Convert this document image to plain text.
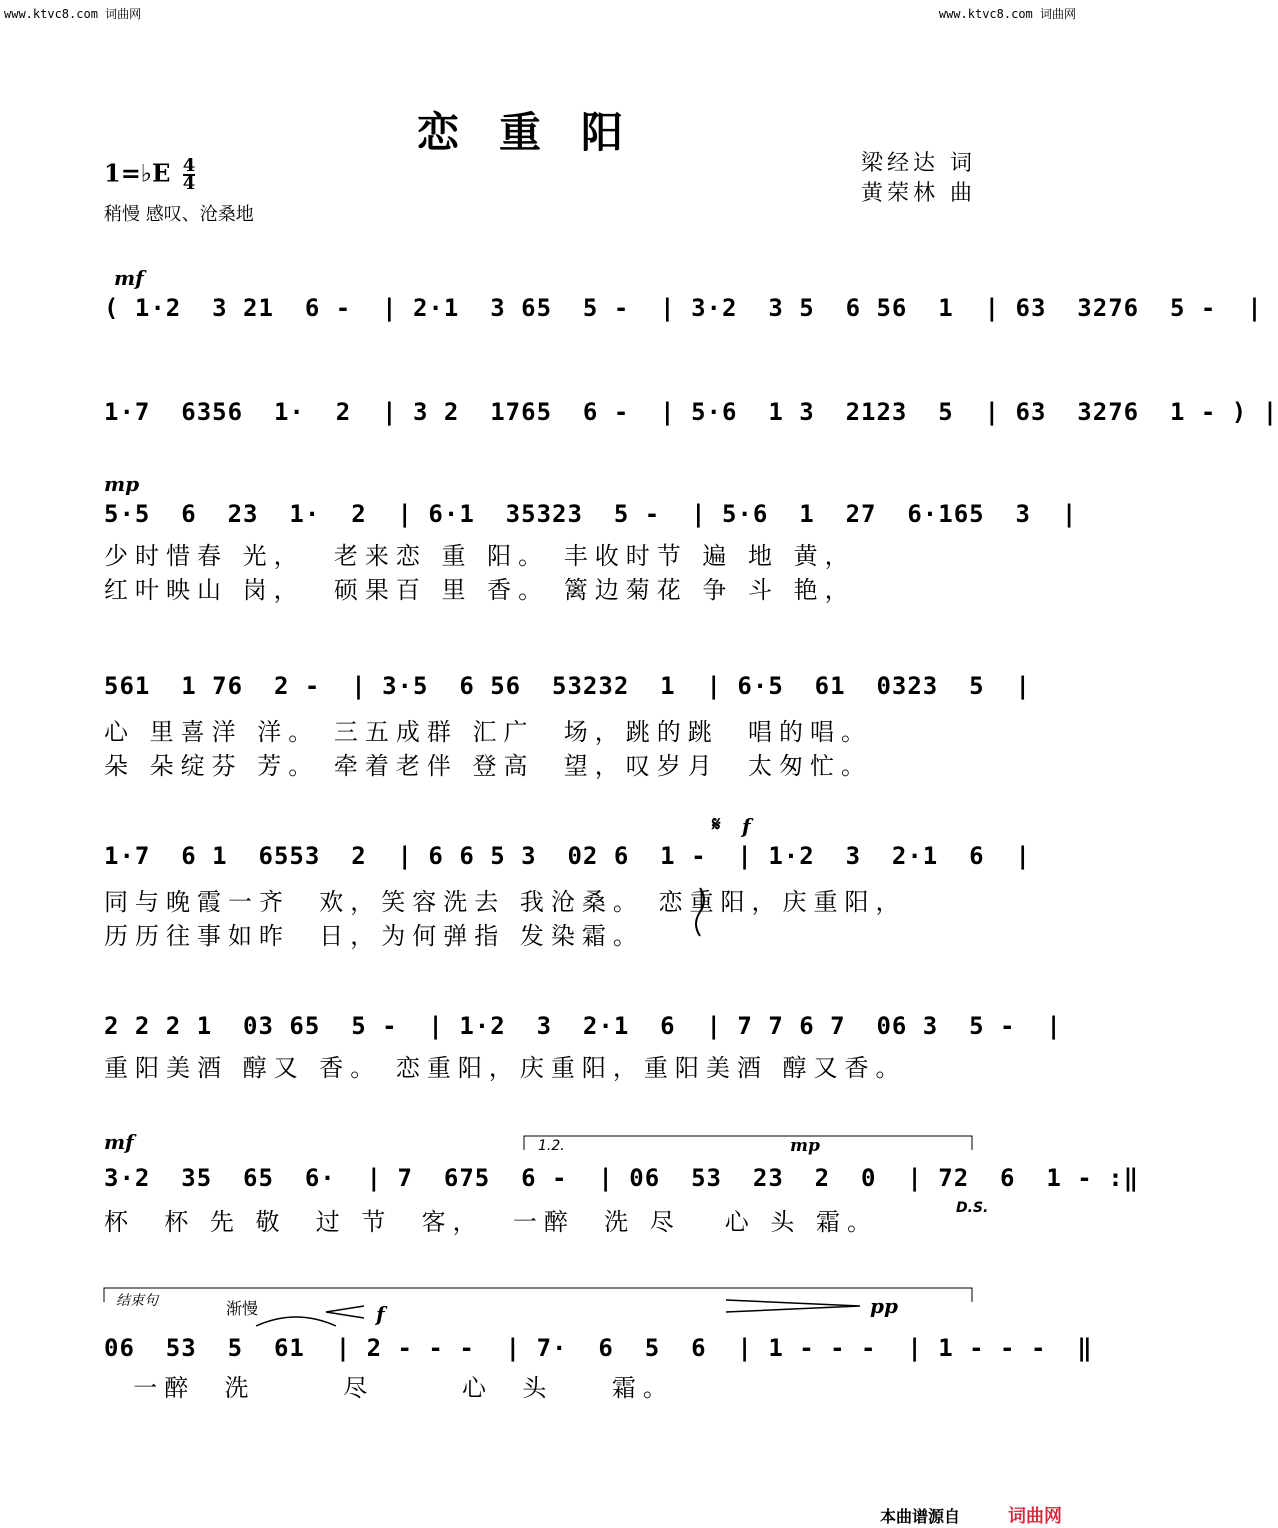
www.ktvc8.com 词曲网	www.ktvc8.com 词曲网
恋重阳
1=♭E $\frac{4}{4}$
稍慢 感叹、沧桑地
梁经达 词
黄荣林 曲
mf
( 1·2  3 21  6 -  | 2·1  3 65  5 -  | 3·2  3 5  6 56  1  | 63  3276  5 -  |
1·7  6356  1·  2  | 3 2  1765  6 -  | 5·6  1 3  2123  5  | 63  3276  1 - ) |
mp
5·5  6  23  1·  2  | 6·1  35323  5 -  | 5·6  1  27  6·165  3  |
少时惜春 光，  老来恋 重 阳。 丰收时节 遍 地 黄，
红叶映山 岗，  硕果百 里 香。 篱边菊花 争 斗 艳，
561  1 76  2 -  | 3·5  6 56  53232  1  | 6·5  61  0323  5  |
心 里喜洋 洋。 三五成群 汇广  场，跳的跳  唱的唱。
朵 朵绽芬 芳。 牵着老伴 登高  望，叹岁月  太匆忙。
𝄋 f
1·7  6 1  6553  2  | 6 6 5 3  02 6  1 -  | 1·2  3  2·1  6  |
同与晚霞一齐  欢，笑容洗去 我沧桑。 恋重阳，庆重阳，
历历往事如昨  日，为何弹指 发染霜。
2 2 2 1  03 65  5 -  | 1·2  3  2·1  6  | 7 7 6 7  06 3  5 -  |
重阳美酒 醇又 香。 恋重阳，庆重阳，重阳美酒 醇又香。
mf	1.2.	mp
3·2  35  65  6·  | 7  675  6 -  | 06  53  23  2  0  | 72  6  1 - :‖
杯  杯 先 敬  过 节  客，  一醉  洗 尽   心 头 霜。	D.S.
结束句	渐慢	f	pp
06  53  5  61  | 2 - - -  | 7·  6  5  6  | 1 - - -  | 1 - - -  ‖
一醉  洗      尽      心  头    霜。
本曲谱源自	词曲网
